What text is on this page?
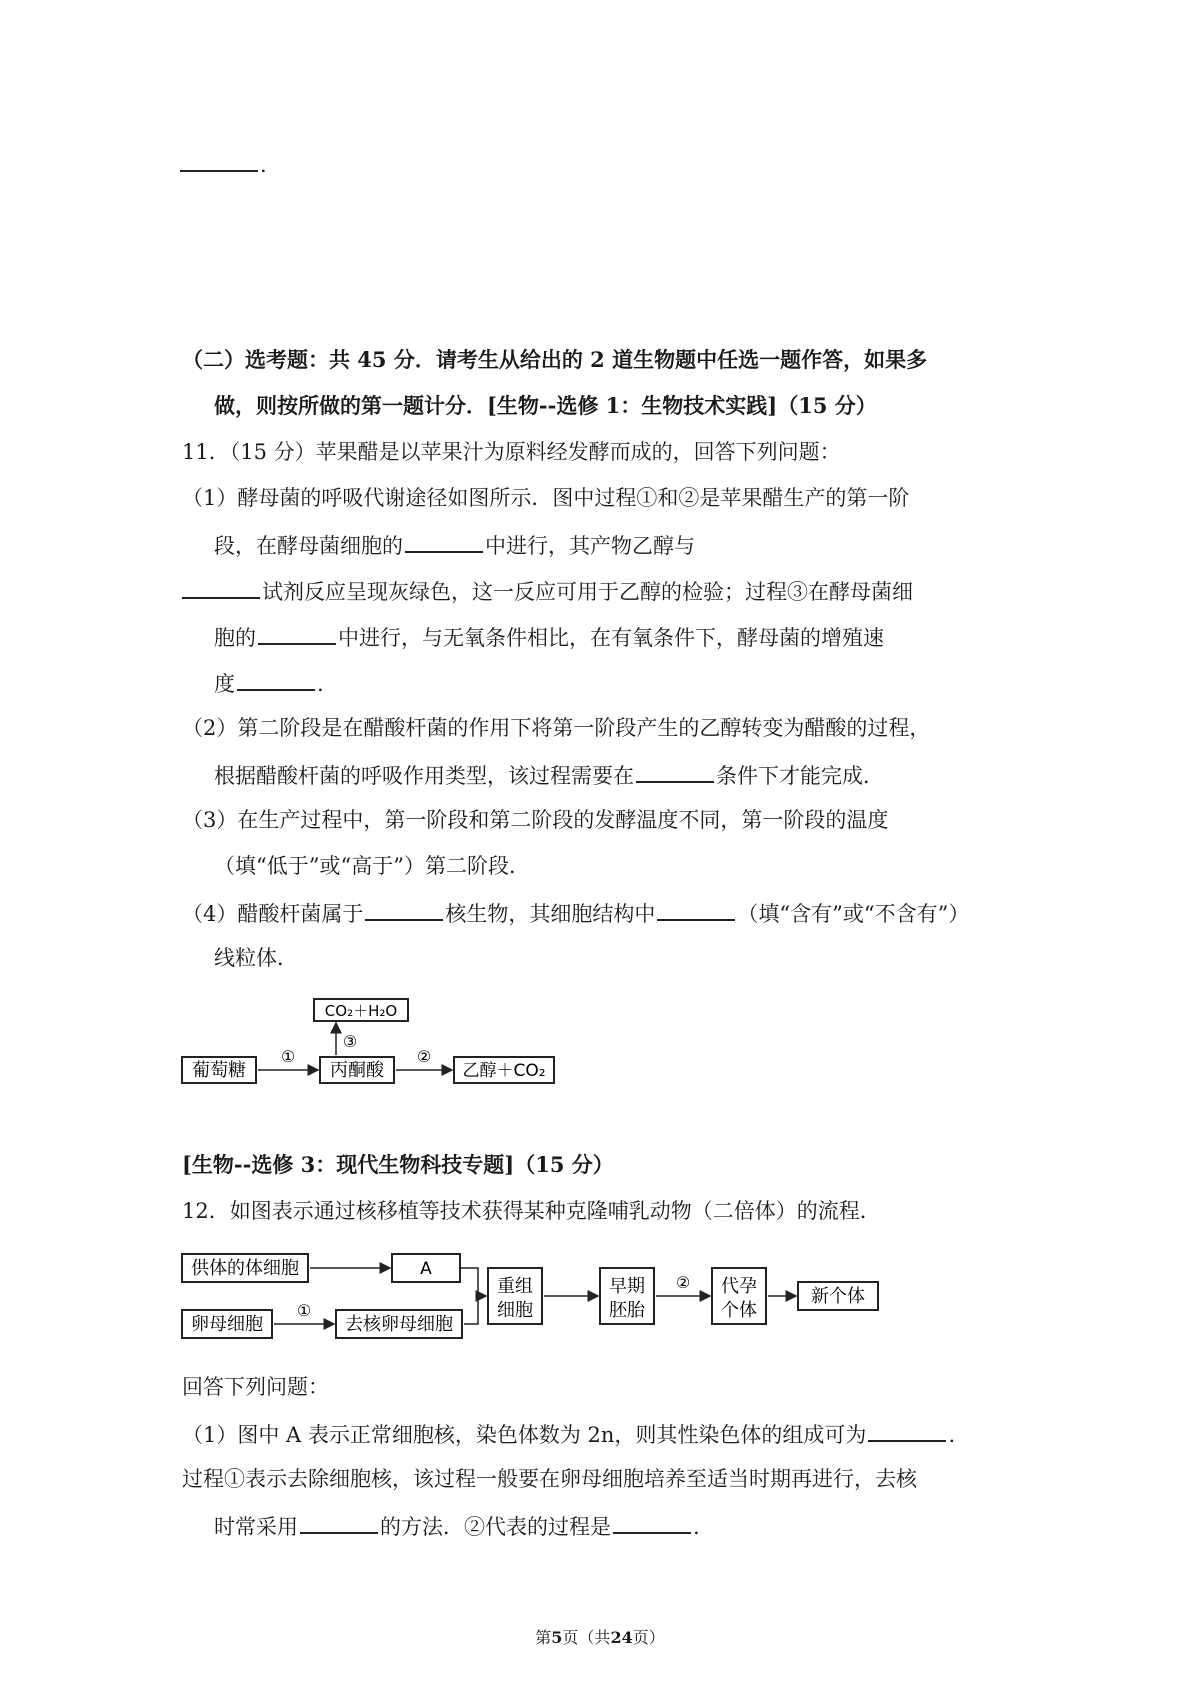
.
（二）选考题：共 45 分．请考生从给出的 2 道生物题中任选一题作答，如果多
做，则按所做的第一题计分．[生物--选修 1：生物技术实践]（15 分）
11．（15 分）苹果醋是以苹果汁为原料经发酵而成的，回答下列问题：
（1）酵母菌的呼吸代谢途径如图所示．图中过程①和②是苹果醋生产的第一阶
段，在酵母菌细胞的	中进行，其产物乙醇与
试剂反应呈现灰绿色，这一反应可用于乙醇的检验；过程③在酵母菌细
胞的	中进行，与无氧条件相比，在有氧条件下，酵母菌的增殖速
度	.
（2）第二阶段是在醋酸杆菌的作用下将第一阶段产生的乙醇转变为醋酸的过程，
根据醋酸杆菌的呼吸作用类型，该过程需要在	条件下才能完成．
（3）在生产过程中，第一阶段和第二阶段的发酵温度不同，第一阶段的温度
（填“低于”或“高于”）第二阶段．
（4）醋酸杆菌属于	核生物，其细胞结构中	（填“含有”或“不含有”）
线粒体．
葡萄糖
①
丙酮酸
③
CO₂＋H₂O
②
乙醇＋CO₂
[生物--选修 3：现代生物科技专题]（15 分）
12．如图表示通过核移植等技术获得某种克隆哺乳动物（二倍体）的流程．
供体的体细胞	A
卵母细胞
①
去核卵母细胞
重组
细胞
早期
胚胎
② 代孕
个体
新个体
回答下列问题：
（1）图中 A 表示正常细胞核，染色体数为 2n，则其性染色体的组成可为	.
过程①表示去除细胞核，该过程一般要在卵母细胞培养至适当时期再进行，去核
时常采用	的方法．②代表的过程是	.
第5页（共24页）
